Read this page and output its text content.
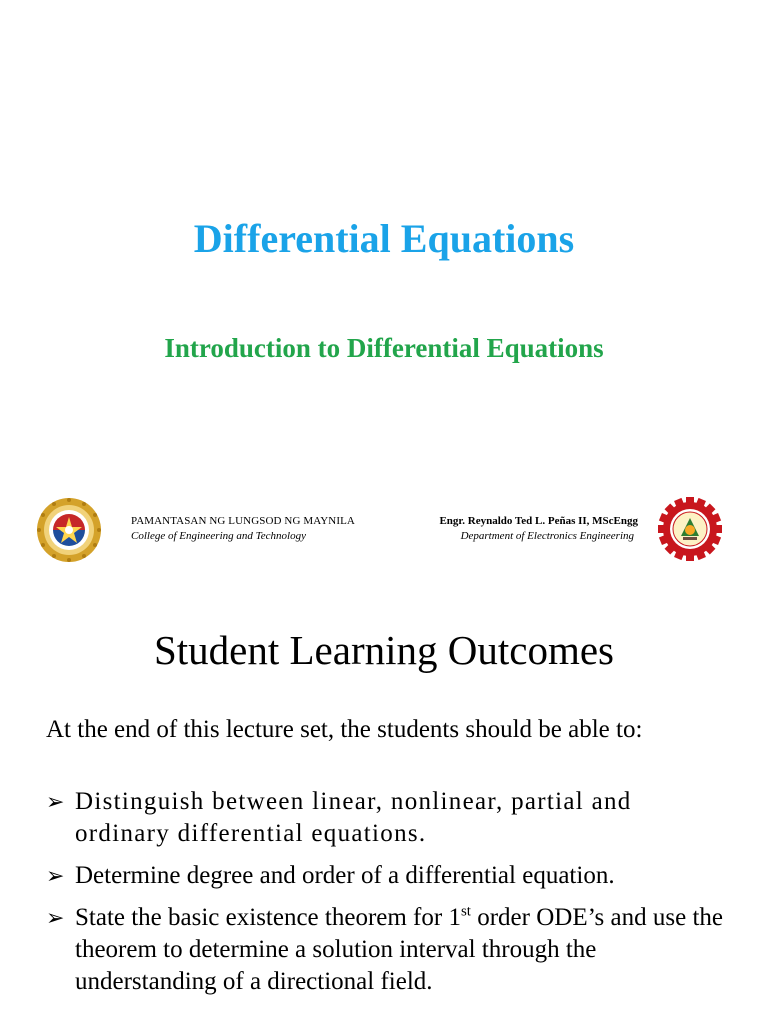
Differential Equations
Introduction to Differential Equations
PAMANTASAN NG LUNGSOD NG MAYNILA
College of Engineering and Technology
Engr. Reynaldo Ted L. Peñas II, MScEngg
Department of Electronics Engineering
Student Learning Outcomes

At the end of this lecture set, the students should be able to:

➢ Distinguish between linear, nonlinear, partial and ordinary differential equations.
➢ Determine degree and order of a differential equation.
➢ State the basic existence theorem for 1st order ODE’s and use the theorem to determine a solution interval through the understanding of a directional field.
